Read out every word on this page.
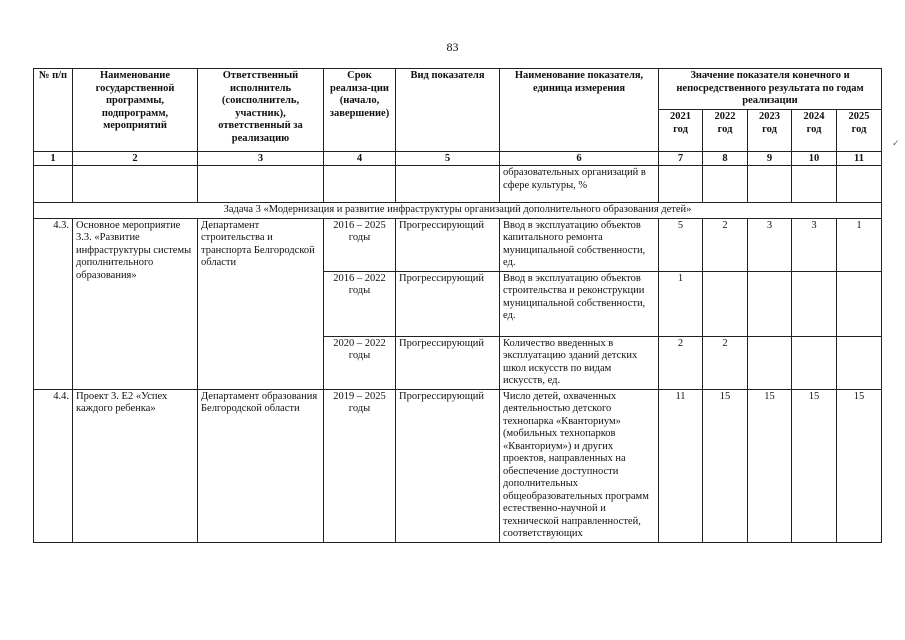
83
№ п/п	Наименование государственной программы, подпрограмм, мероприятий	Ответственный исполнитель (соисполнитель, участник), ответственный за реализацию	Срок реализа-ции (начало, завершение)	Вид показателя	Наименование показателя, единица измерения	Значение показателя конечного и непосредственного результата по годам реализации				
						2021 год	2022 год	2023 год	2024 год	2025 год
1	2	3	4	5	6	7	8	9	10	11
					образовательных организаций в сфере культуры, %					
Задача 3 «Модернизация и развитие инфраструктуры организаций дополнительного образования детей»										
4.3.	Основное мероприятие 3.3. «Развитие инфраструктуры системы дополнительного образования»	Департамент строительства и транспорта Белгородской области	2016 – 2025 годы	Прогрессирующий	Ввод в эксплуатацию объектов капитального ремонта муниципальной собственности, ед.	5	2	3	3	1
			2016 – 2022 годы	Прогрессирующий	Ввод в эксплуатацию объектов строительства и реконструкции муниципальной собственности, ед.	1				
			2020 – 2022 годы	Прогрессирующий	Количество введенных в эксплуатацию зданий детских школ искусств по видам искусств, ед.	2	2			
4.4.	Проект 3. Е2 «Успех каждого ребенка»	Департамент образования Белгородской области	2019 – 2025 годы	Прогрессирующий	Число детей, охваченных деятельностью детского технопарка «Кванториум» (мобильных технопарков «Кванториум») и других проектов, направленных на обеспечение доступности дополнительных общеобразовательных программ естественно-научной и технической направленностей, соответствующих	11	15	15	15	15
✓
